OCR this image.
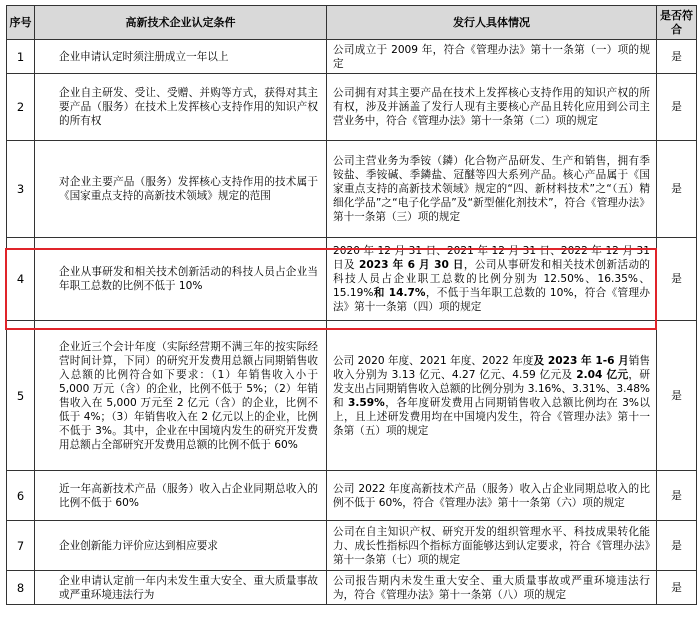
序号	高新技术企业认定条件	发行人具体情况	是否符合
1	企业申请认定时须注册成立一年以上	公司成立于 2009 年，符合《管理办法》第十一条第（一）项的规定	是
2	企业自主研发、受让、受赠、并购等方式，获得对其主要产品（服务）在技术上发挥核心支持作用的知识产权的所有权	公司拥有对其主要产品在技术上发挥核心支持作用的知识产权的所有权，涉及并涵盖了发行人现有主要核心产品且转化应用到公司主营业务中，符合《管理办法》第十一条第（二）项的规定	是
3	对企业主要产品（服务）发挥核心支持作用的技术属于《国家重点支持的高新技术领域》规定的范围	公司主营业务为季铵（鏻）化合物产品研发、生产和销售，拥有季铵盐、季铵碱、季鏻盐、冠醚等四大系列产品。核心产品属于《国家重点支持的高新技术领域》规定的“四、新材料技术”之“（五）精细化学品”之“电子化学品”及“新型催化剂技术”，符合《管理办法》第十一条第（三）项的规定	是
4	企业从事研发和相关技术创新活动的科技人员占企业当年职工总数的比例不低于 10%	2020 年 12 月 31 日、2021 年 12 月 31 日、2022 年 12 月 31 日及 2023 年 6 月 30 日，公司从事研发和相关技术创新活动的科技人员占企业职工总数的比例分别为 12.50%、16.35%、15.19%和 14.7%，不低于当年职工总数的 10%，符合《管理办法》第十一条第（四）项的规定	是
5	企业近三个会计年度（实际经营期不满三年的按实际经营时间计算，下同）的研究开发费用总额占同期销售收入总额的比例符合如下要求：（1）年销售收入小于 5,000 万元（含）的企业，比例不低于 5%；（2）年销售收入在 5,000 万元至 2 亿元（含）的企业，比例不低于 4%；（3）年销售收入在 2 亿元以上的企业，比例不低于 3%。其中，企业在中国境内发生的研究开发费用总额占全部研究开发费用总额的比例不低于 60%	公司 2020 年度、2021 年度、2022 年度及 2023 年 1-6 月销售收入分别为 3.13 亿元、4.27 亿元、4.59 亿元及 2.04 亿元，研发支出占同期销售收入总额的比例分别为 3.16%、3.31%、3.48%和 3.59%，各年度研发费用占同期销售收入总额比例均在 3%以上，且上述研发费用均在中国境内发生，符合《管理办法》第十一条第（五）项的规定	是
6	近一年高新技术产品（服务）收入占企业同期总收入的比例不低于 60%	公司 2022 年度高新技术产品（服务）收入占企业同期总收入的比例不低于 60%，符合《管理办法》第十一条第（六）项的规定	是
7	企业创新能力评价应达到相应要求	公司在自主知识产权、研究开发的组织管理水平、科技成果转化能力、成长性指标四个指标方面能够达到认定要求，符合《管理办法》第十一条第（七）项的规定	是
8	企业申请认定前一年内未发生重大安全、重大质量事故或严重环境违法行为	公司报告期内未发生重大安全、重大质量事故或严重环境违法行为，符合《管理办法》第十一条第（八）项的规定	是
